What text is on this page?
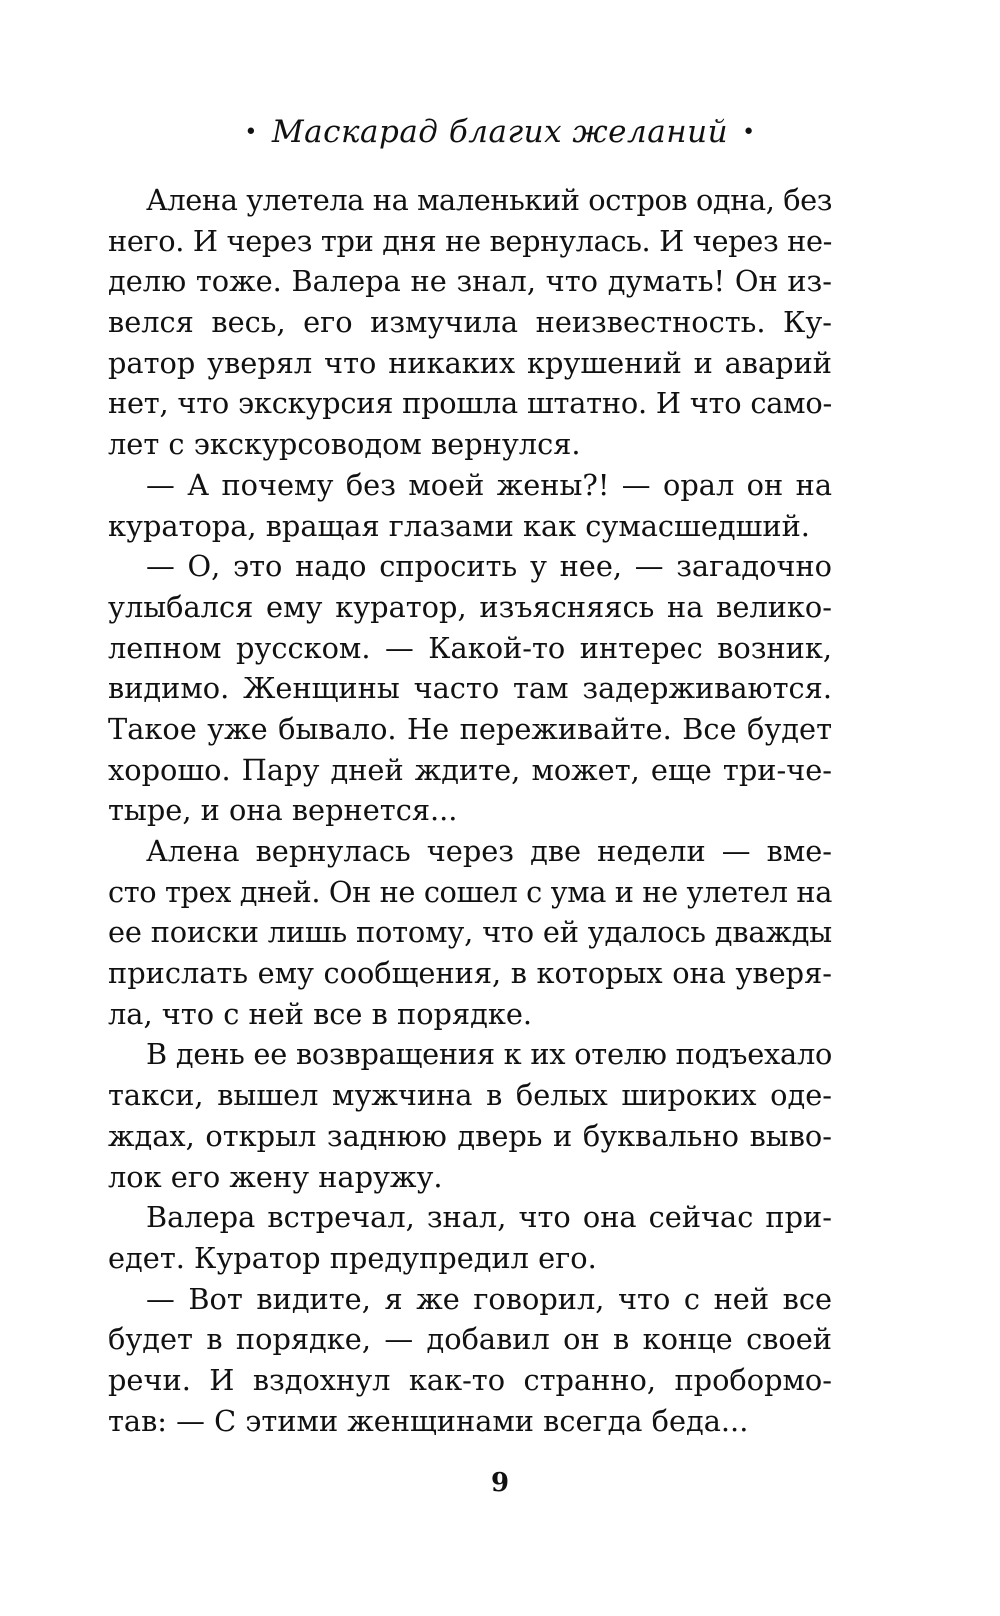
• Маскарад благих желаний •
Алена улетела на маленький остров одна, без
него. И через три дня не вернулась. И через не-
делю тоже. Валера не знал, что думать! Он из-
велся весь, его измучила неизвестность. Ку-
ратор уверял что никаких крушений и аварий
нет, что экскурсия прошла штатно. И что само-
лет с экскурсоводом вернулся.
— А почему без моей жены?! — орал он на
куратора, вращая глазами как сумасшедший.
— О, это надо спросить у нее, — загадочно
улыбался ему куратор, изъясняясь на велико-
лепном русском. — Какой-то интерес возник,
видимо. Женщины часто там задерживаются.
Такое уже бывало. Не переживайте. Все будет
хорошо. Пару дней ждите, может, еще три-че-
тыре, и она вернется...
Алена вернулась через две недели — вме-
сто трех дней. Он не сошел с ума и не улетел на
ее поиски лишь потому, что ей удалось дважды
прислать ему сообщения, в которых она уверя-
ла, что с ней все в порядке.
В день ее возвращения к их отелю подъехало
такси, вышел мужчина в белых широких оде-
ждах, открыл заднюю дверь и буквально выво-
лок его жену наружу.
Валера встречал, знал, что она сейчас при-
едет. Куратор предупредил его.
— Вот видите, я же говорил, что с ней все
будет в порядке, — добавил он в конце своей
речи. И вздохнул как-то странно, пробормо-
тав: — С этими женщинами всегда беда...
9
